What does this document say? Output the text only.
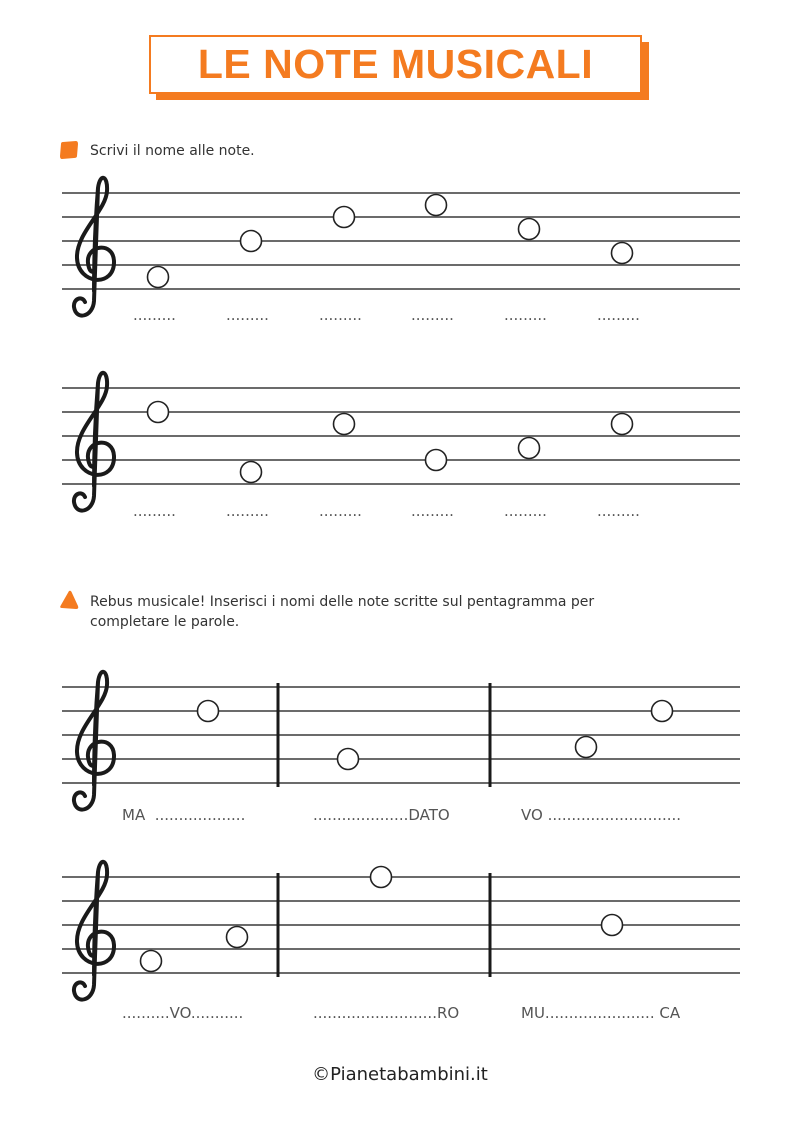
LE NOTE MUSICALI
Scrivi il nome alle note.
Rebus musicale! Inserisci i nomi delle note scritte sul pentagramma per
completare le parole.
.........	.........	.........	.........	.........	.........
.........	.........	.........	.........	.........	.........
MA  ...................	....................DATO	VO ............................
..........VO...........	..........................RO	MU....................... CA
©Pianetabambini.it
